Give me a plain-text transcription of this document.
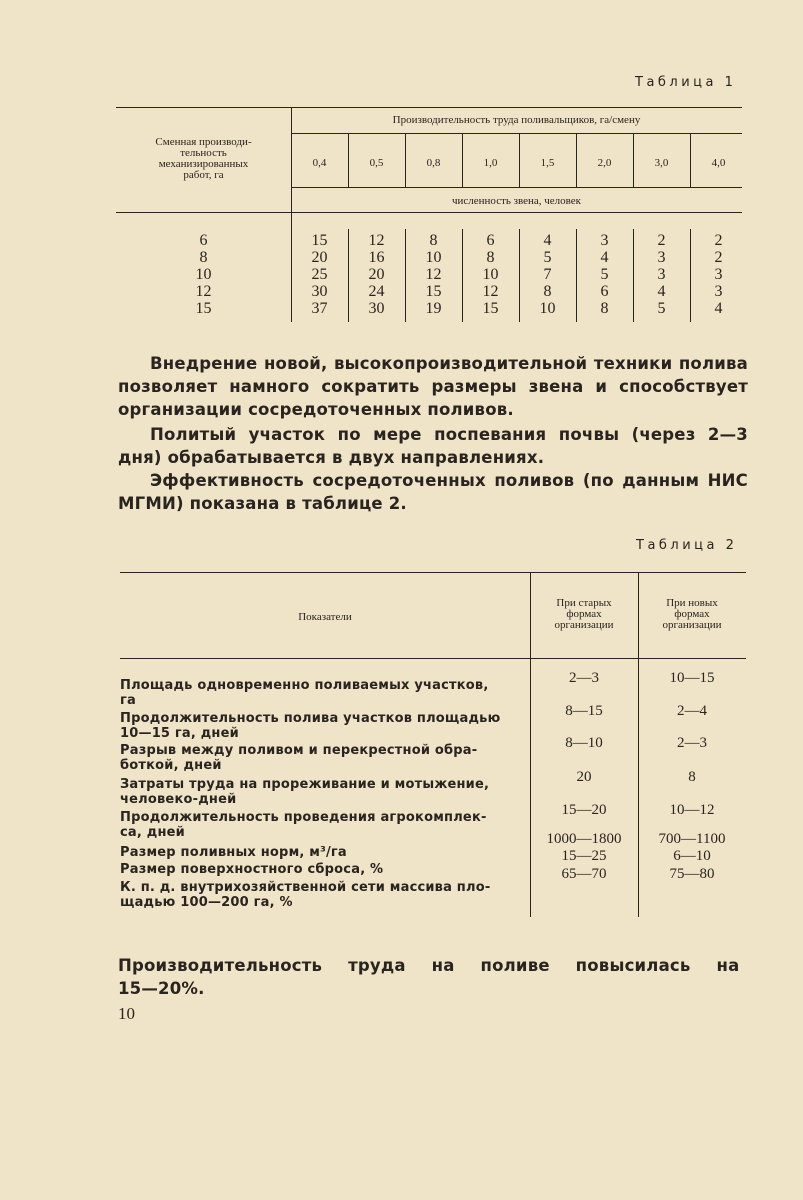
Таблица 1
Сменная производи-
тельность
механизированных
работ, га
Производительность труда поливальщиков, га/смену
численность звена, человек
0,4	0,5	0,8	1,0	1,5	2,0	3,0	4,0
6	15	12	8	6	4	3	2	2
8	20	16	10	8	5	4	3	2
10	25	20	12	10	7	5	3	3
12	30	24	15	12	8	6	4	3
15	37	30	19	15	10	8	5	4
Внедрение новой, высокопроизводительной техники полива позволяет намного сократить размеры звена и способствует организации сосредоточенных поливов.
Политый участок по мере поспевания почвы (через 2—3 дня) обрабатывается в двух направлениях.
Эффективность сосредоточенных поливов (по данным НИС МГМИ) показана в таблице 2.
Таблица 2
Показатели
При старых
формах
организации
При новых
формах
организации
Площадь одновременно поливаемых участков,
га
2—3	10—15
Продолжительность полива участков площадью
10—15 га, дней
8—15	2—4
Разрыв между поливом и перекрестной обра-
боткой, дней
8—10	2—3
Затраты труда на прореживание и мотыжение,
человеко-дней
20	8
Продолжительность проведения агрокомплек-
са, дней
15—20	10—12
Размер поливных норм, м³/га
1000—1800	700—1100
Размер поверхностного сброса, %
15—25	6—10
К. п. д. внутрихозяйственной сети массива пло-
щадью 100—200 га, %
65—70	75—80
Производительность труда на поливе повысилась на
15—20%.
10
